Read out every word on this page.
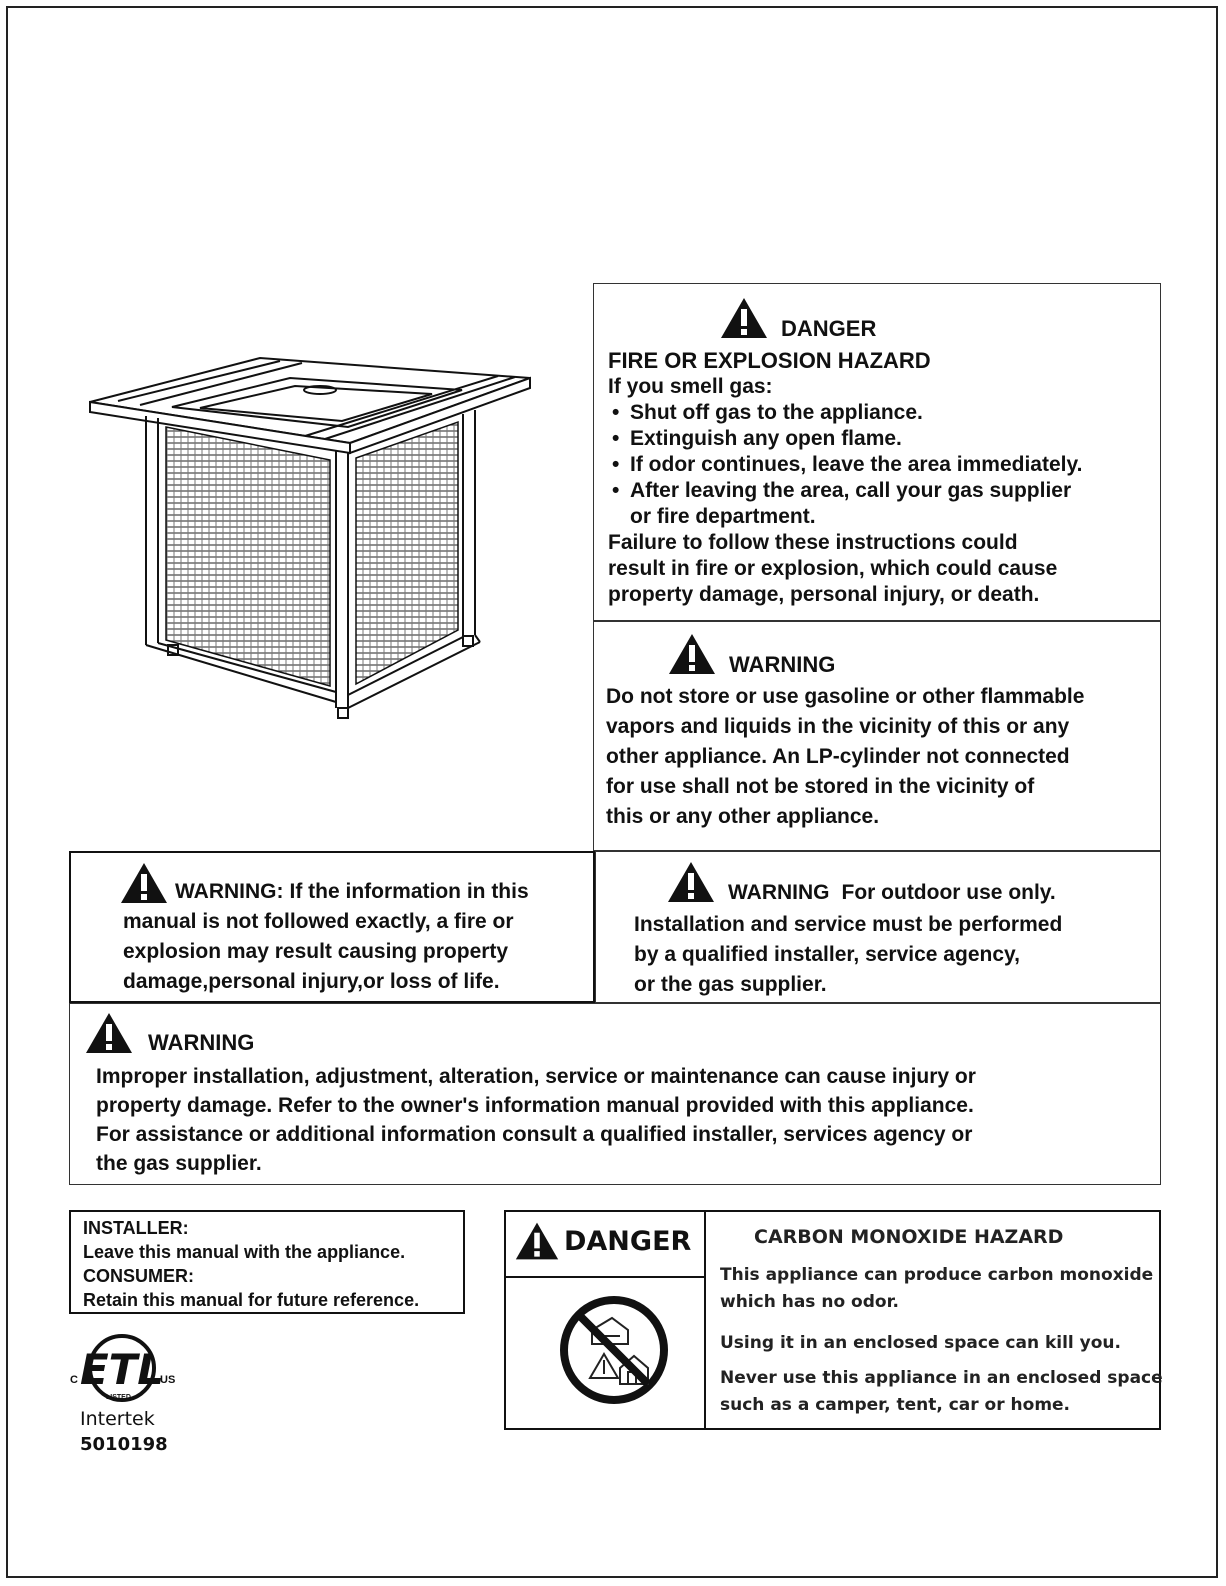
DANGER

FIRE OR EXPLOSION HAZARD

If you smell gas:

• Shut off gas to the appliance.
• Extinguish any open flame.
• If odor continues, leave the area immediately.
• After leaving the area, call your gas supplier

or fire department.

Failure to follow these instructions could

result in fire or explosion, which could cause

property damage, personal injury, or death.

WARNING

Do not store or use gasoline or other flammable

vapors and liquids in the vicinity of this or any

other appliance. An LP-cylinder not connected

for use shall not be stored in the vicinity of

this or any other appliance.

WARNING: If the information in this

manual is not followed exactly, a fire or

explosion may result causing property

damage,personal injury,or loss of life.

WARNING For outdoor use only.

Installation and service must be performed

by a qualified installer, service agency,

or the gas supplier.

WARNING

Improper installation, adjustment, alteration, service or maintenance can cause injury or

property damage. Refer to the owner's information manual provided with this appliance.

For assistance or additional information consult a qualified installer, services agency or

the gas supplier.

INSTALLER:

Leave this manual with the appliance.

CONSUMER:

Retain this manual for future reference.

DANGER	CARBON MONOXIDE HAZARD

This appliance can produce carbon monoxide

which has no odor.

Using it in an enclosed space can kill you.

Never use this appliance in an enclosed space

such as a camper, tent, car or home.

ETL
C	US
LISTED
Intertek
5010198
